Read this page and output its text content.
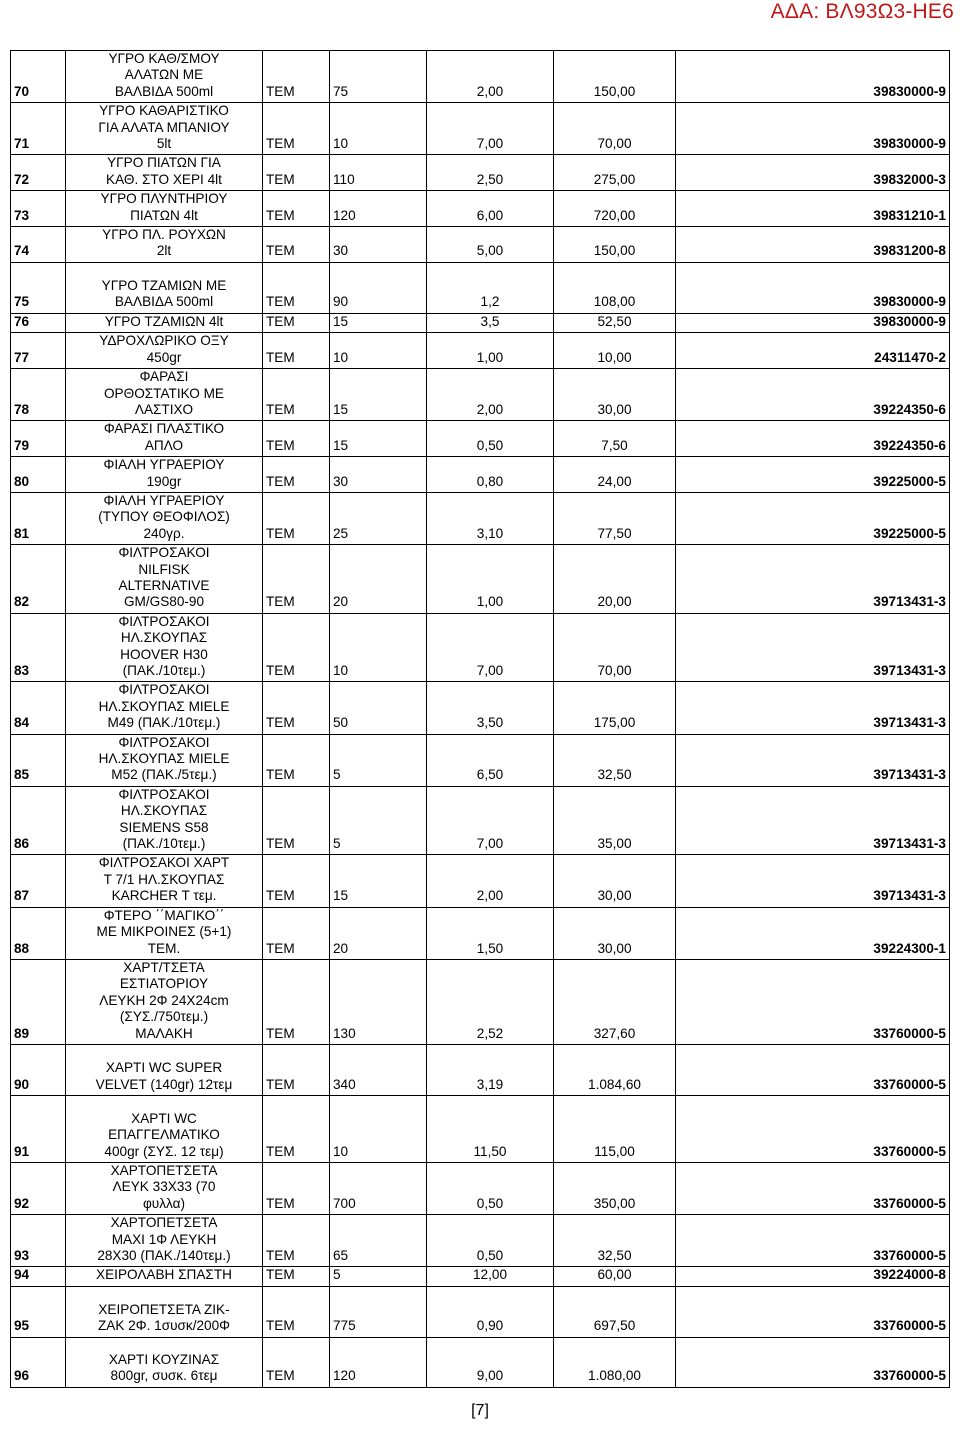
ΑΔΑ: ΒΛ93Ω3-ΗΕ6
70	ΥΓΡΟ ΚΑΘ/ΣΜΟΥ
ΑΛΑΤΩΝ ΜΕ
ΒΑΛΒΙΔΑ 500ml	ΤΕΜ	75	2,00	150,00	39830000-9
71	ΥΓΡΟ ΚΑΘΑΡΙΣΤΙΚΟ
ΓΙΑ ΑΛΑΤΑ ΜΠΑΝΙΟΥ
5lt	ΤΕΜ	10	7,00	70,00	39830000-9
72	ΥΓΡΟ ΠΙΑΤΩΝ ΓΙΑ
ΚΑΘ. ΣΤΟ ΧΕΡΙ 4lt	ΤΕΜ	110	2,50	275,00	39832000-3
73	ΥΓΡΟ ΠΛΥΝΤΗΡΙΟΥ
ΠΙΑΤΩΝ 4lt	ΤΕΜ	120	6,00	720,00	39831210-1
74	ΥΓΡΟ ΠΛ. ΡΟΥΧΩΝ
2lt	ΤΕΜ	30	5,00	150,00	39831200-8
75	ΥΓΡΟ ΤΖΑΜΙΩΝ ΜΕ
ΒΑΛΒΙΔΑ 500ml	ΤΕΜ	90	1,2	108,00	39830000-9
76	ΥΓΡΟ ΤΖΑΜΙΩΝ 4lt	ΤΕΜ	15	3,5	52,50	39830000-9
77	ΥΔΡΟΧΛΩΡΙΚΟ ΟΞΥ
450gr	ΤΕΜ	10	1,00	10,00	24311470-2
78	ΦΑΡΑΣΙ
ΟΡΘΟΣΤΑΤΙΚΟ ΜΕ
ΛΑΣΤΙΧΟ	ΤΕΜ	15	2,00	30,00	39224350-6
79	ΦΑΡΑΣΙ ΠΛΑΣΤΙΚΟ
ΑΠΛΟ	ΤΕΜ	15	0,50	7,50	39224350-6
80	ΦΙΑΛΗ ΥΓΡΑΕΡΙΟΥ
190gr	ΤΕΜ	30	0,80	24,00	39225000-5
81	ΦΙΑΛΗ ΥΓΡΑΕΡΙΟΥ
(ΤΥΠΟΥ ΘΕΟΦΙΛΟΣ)
240γρ.	ΤΕΜ	25	3,10	77,50	39225000-5
82	ΦΙΛΤΡΟΣΑΚΟΙ
NILFISK
ALTERNATIVE
GM/GS80-90	ΤΕΜ	20	1,00	20,00	39713431-3
83	ΦΙΛΤΡΟΣΑΚΟΙ
ΗΛ.ΣΚΟΥΠΑΣ
HOOVER H30
(ΠΑΚ./10τεμ.)	ΤΕΜ	10	7,00	70,00	39713431-3
84	ΦΙΛΤΡΟΣΑΚΟΙ
ΗΛ.ΣΚΟΥΠΑΣ MIELE
M49 (ΠΑΚ./10τεμ.)	ΤΕΜ	50	3,50	175,00	39713431-3
85	ΦΙΛΤΡΟΣΑΚΟΙ
ΗΛ.ΣΚΟΥΠΑΣ MIELE
M52 (ΠΑΚ./5τεμ.)	ΤΕΜ	5	6,50	32,50	39713431-3
86	ΦΙΛΤΡΟΣΑΚΟΙ
ΗΛ.ΣΚΟΥΠΑΣ
SIEMENS S58
(ΠΑΚ./10τεμ.)	ΤΕΜ	5	7,00	35,00	39713431-3
87	ΦΙΛΤΡΟΣΑΚΟΙ ΧΑΡΤ
T 7/1 ΗΛ.ΣΚΟΥΠΑΣ
KARCHER T τεμ.	ΤΕΜ	15	2,00	30,00	39713431-3
88	ΦΤΕΡΟ ΄΄ΜΑΓΙΚΟ΄΄
ΜΕ ΜΙΚΡΟΙΝΕΣ (5+1)
ΤΕΜ.	ΤΕΜ	20	1,50	30,00	39224300-1
89	ΧΑΡΤ/ΤΣΕΤΑ
ΕΣΤΙΑΤΟΡΙΟΥ
ΛΕΥΚΗ 2Φ 24Χ24cm
(ΣΥΣ./750τεμ.)
ΜΑΛΑΚΗ	ΤΕΜ	130	2,52	327,60	33760000-5
90	ΧΑΡΤΙ WC SUPER
VELVET (140gr) 12τεμ	ΤΕΜ	340	3,19	1.084,60	33760000-5
91	ΧΑΡΤΙ WC
ΕΠΑΓΓΕΛΜΑΤΙΚΟ
400gr (ΣΥΣ. 12 τεμ)	ΤΕΜ	10	11,50	115,00	33760000-5
92	ΧΑΡΤΟΠΕΤΣΕΤΑ
ΛΕΥΚ 33Χ33 (70
φυλλα)	ΤΕΜ	700	0,50	350,00	33760000-5
93	ΧΑΡΤΟΠΕΤΣΕΤΑ
ΜΑΧΙ 1Φ ΛΕΥΚΗ
28Χ30 (ΠΑΚ./140τεμ.)	ΤΕΜ	65	0,50	32,50	33760000-5
94	ΧΕΙΡΟΛΑΒΗ ΣΠΑΣΤΗ	ΤΕΜ	5	12,00	60,00	39224000-8
95	ΧΕΙΡΟΠΕΤΣΕΤΑ ΖΙΚ-
ΖΑΚ 2Φ. 1συσκ/200Φ	ΤΕΜ	775	0,90	697,50	33760000-5
96	ΧΑΡΤΙ ΚΟΥΖΙΝΑΣ
800gr, συσκ. 6τεμ	ΤΕΜ	120	9,00	1.080,00	33760000-5
[7]
